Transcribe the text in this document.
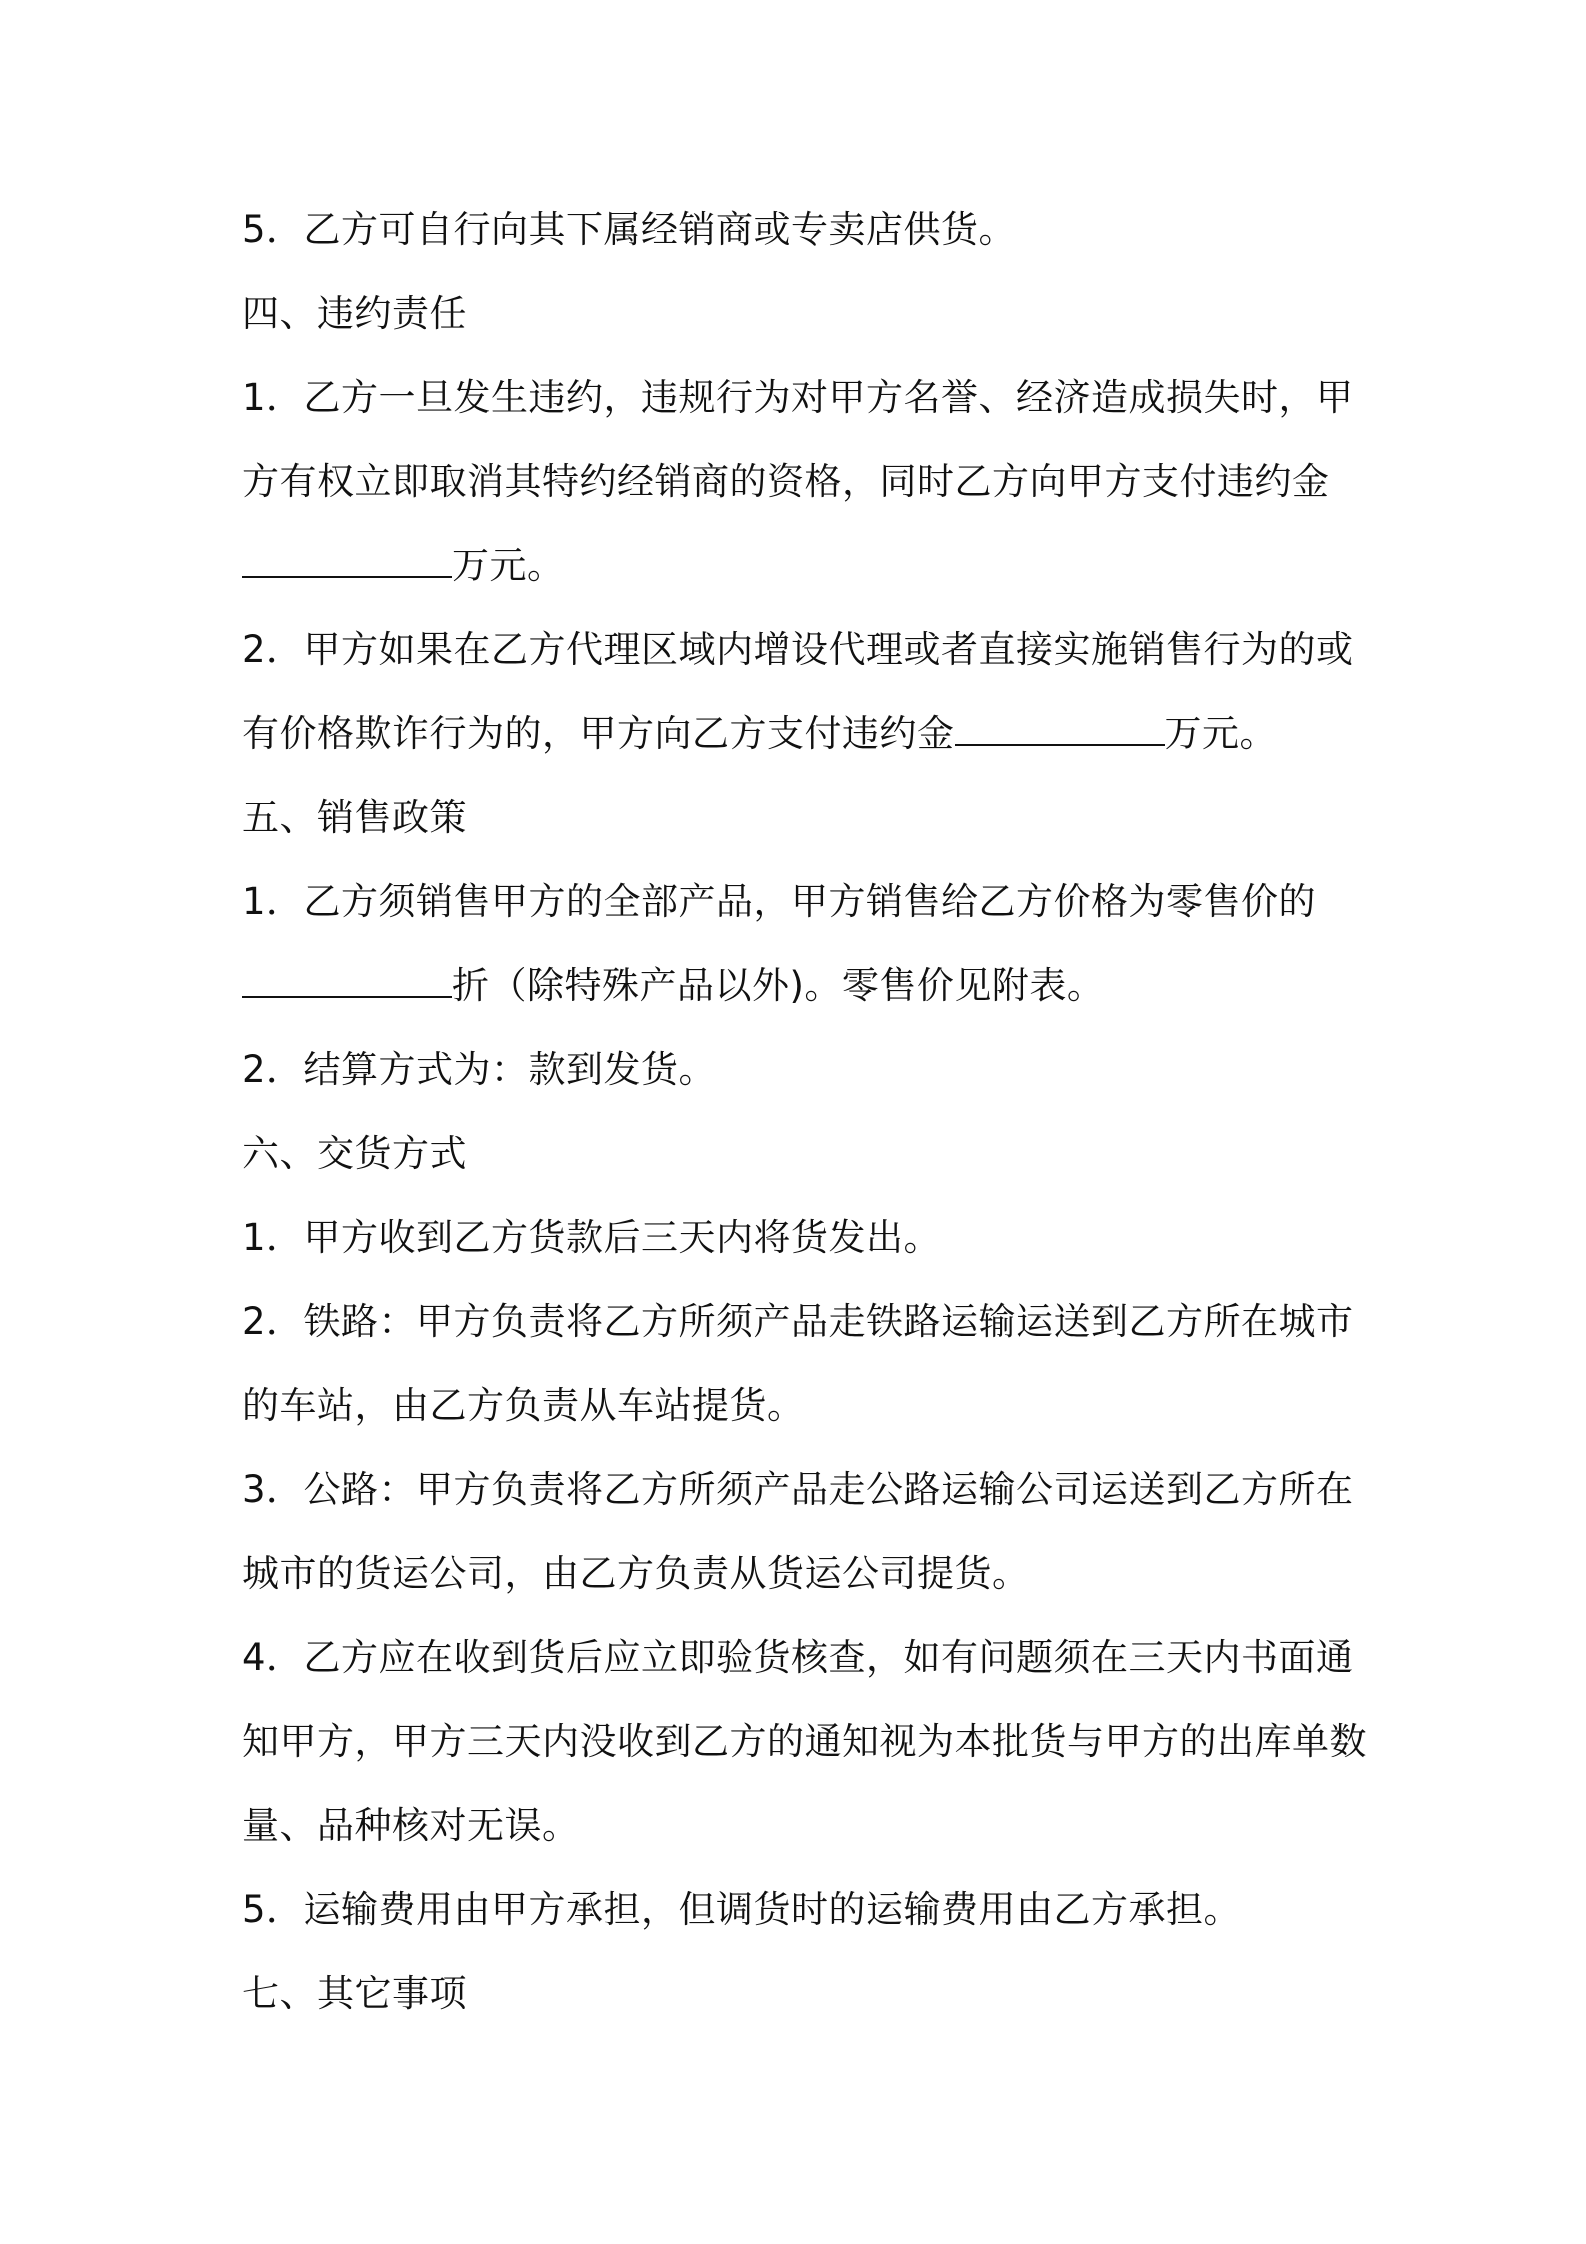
5．乙方可自行向其下属经销商或专卖店供货。
四、违约责任
1．乙方一旦发生违约，违规行为对甲方名誉、经济造成损失时，甲
方有权立即取消其特约经销商的资格，同时乙方向甲方支付违约金
万元。
2．甲方如果在乙方代理区域内增设代理或者直接实施销售行为的或
有价格欺诈行为的，甲方向乙方支付违约金	万元。
五、销售政策
1．乙方须销售甲方的全部产品，甲方销售给乙方价格为零售价的
折（除特殊产品以外)。零售价见附表。
2．结算方式为：款到发货。
六、交货方式
1．甲方收到乙方货款后三天内将货发出。
2．铁路：甲方负责将乙方所须产品走铁路运输运送到乙方所在城市
的车站，由乙方负责从车站提货。
3．公路：甲方负责将乙方所须产品走公路运输公司运送到乙方所在
城市的货运公司，由乙方负责从货运公司提货。
4．乙方应在收到货后应立即验货核查，如有问题须在三天内书面通
知甲方，甲方三天内没收到乙方的通知视为本批货与甲方的出库单数
量、品种核对无误。
5．运输费用由甲方承担，但调货时的运输费用由乙方承担。
七、其它事项
